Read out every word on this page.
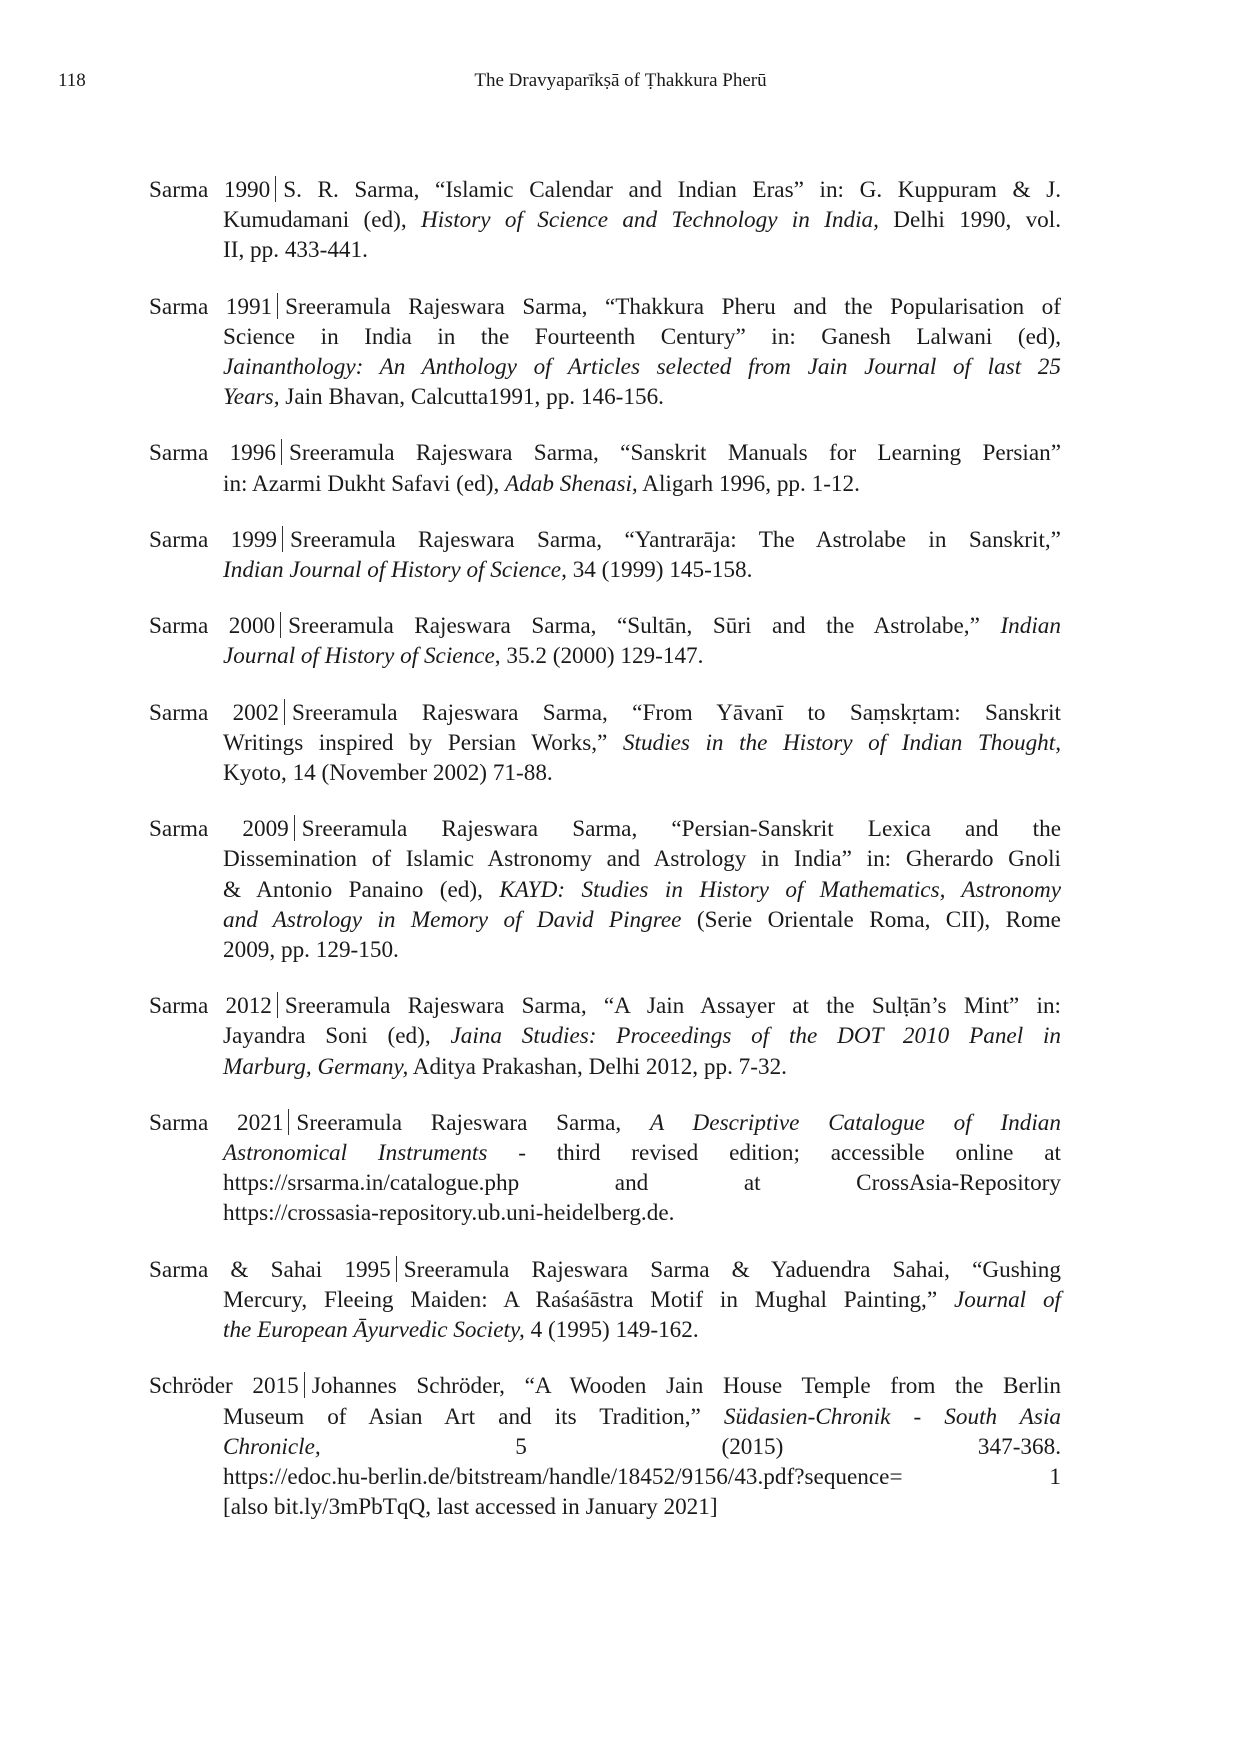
118	The Dravyaparīkṣā of Ṭhakkura Pherū
Sarma 1990 S. R. Sarma, “Islamic Calendar and Indian Eras” in: G. Kuppuram & J.
Kumudamani (ed), History of Science and Technology in India, Delhi 1990, vol.
II, pp. 433-441.
Sarma 1991 Sreeramula Rajeswara Sarma, “Thakkura Pheru and the Popularisation of
Science in India in the Fourteenth Century” in: Ganesh Lalwani (ed),
Jainanthology: An Anthology of Articles selected from Jain Journal of last 25
Years, Jain Bhavan, Calcutta1991, pp. 146-156.
Sarma 1996 Sreeramula Rajeswara Sarma, “Sanskrit Manuals for Learning Persian”
in: Azarmi Dukht Safavi (ed), Adab Shenasi, Aligarh 1996, pp. 1-12.
Sarma 1999 Sreeramula Rajeswara Sarma, “Yantrarāja: The Astrolabe in Sanskrit,”
Indian Journal of History of Science, 34 (1999) 145-158.
Sarma 2000 Sreeramula Rajeswara Sarma, “Sultān, Sūri and the Astrolabe,” Indian
Journal of History of Science, 35.2 (2000) 129-147.
Sarma 2002 Sreeramula Rajeswara Sarma, “From Yāvanī to Saṃskṛtam: Sanskrit
Writings inspired by Persian Works,” Studies in the History of Indian Thought,
Kyoto, 14 (November 2002) 71-88.
Sarma 2009 Sreeramula Rajeswara Sarma, “Persian-Sanskrit Lexica and the
Dissemination of Islamic Astronomy and Astrology in India” in: Gherardo Gnoli
& Antonio Panaino (ed), KAYD: Studies in History of Mathematics, Astronomy
and Astrology in Memory of David Pingree (Serie Orientale Roma, CII), Rome
2009, pp. 129-150.
Sarma 2012 Sreeramula Rajeswara Sarma, “A Jain Assayer at the Sulṭān’s Mint” in:
Jayandra Soni (ed), Jaina Studies: Proceedings of the DOT 2010 Panel in
Marburg, Germany, Aditya Prakashan, Delhi 2012, pp. 7-32.
Sarma 2021 Sreeramula Rajeswara Sarma, A Descriptive Catalogue of Indian
Astronomical Instruments - third revised edition; accessible online at
https://srsarma.in/catalogue.php and at CrossAsia-Repository
https://crossasia-repository.ub.uni-heidelberg.de.
Sarma & Sahai 1995 Sreeramula Rajeswara Sarma & Yaduendra Sahai, “Gushing
Mercury, Fleeing Maiden: A Raśaśāstra Motif in Mughal Painting,” Journal of
the European Āyurvedic Society, 4 (1995) 149-162.
Schröder 2015 Johannes Schröder, “A Wooden Jain House Temple from the Berlin
Museum of Asian Art and its Tradition,” Südasien-Chronik - South Asia
Chronicle, 5 (2015) 347-368.
https://edoc.hu-berlin.de/bitstream/handle/18452/9156/43.pdf?sequence= 1
[also bit.ly/3mPbTqQ, last accessed in January 2021]
